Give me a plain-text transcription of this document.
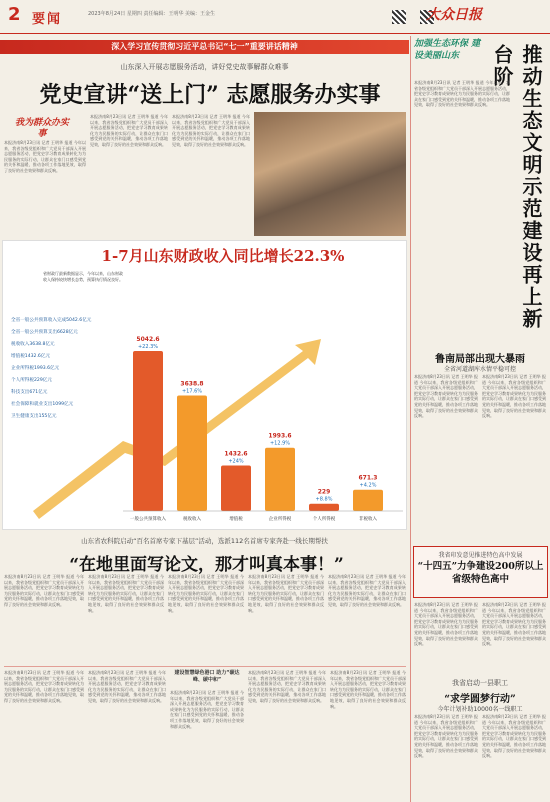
2 要闻	2023年8月24日 星期四 责任编辑：王明华 美编：王金生	大众日报
深入学习宣传贯彻习近平总书记“七一”重要讲话精神
山东深入开展志愿服务活动，讲好党史故事解群众难事
党史宣讲“送上门” 志愿服务办实事
我为群众办实事
本报济南8月23日讯 记者 王明华 报道 今年以来，我省各级党组织和广大党员干部深入开展志愿服务活动，把党史学习教育成果转化为为民服务的实际行动，让群众在家门口感受到党的关怀和温暖，推动各项工作落地见效，取得了良好的社会效果和群众反响。
本报济南8月23日讯 记者 王明华 报道 今年以来，我省各级党组织和广大党员干部深入开展志愿服务活动，把党史学习教育成果转化为为民服务的实际行动，让群众在家门口感受到党的关怀和温暖，推动各项工作落地见效，取得了良好的社会效果和群众反响。
本报济南8月23日讯 记者 王明华 报道 今年以来，我省各级党组织和广大党员干部深入开展志愿服务活动，把党史学习教育成果转化为为民服务的实际行动，让群众在家门口感受到党的关怀和温暖，推动各项工作落地见效，取得了良好的社会效果和群众反响。
1-7月山东财政收入同比增长22.3%
省财政厅最新数据显示，今年以来，山东财政收入保持较快增长态势，预算执行情况良好。
5042.6
+22.3%
一般公共预算收入
3638.8
+17.6%
税收收入
1432.6
+24%
增值税
1993.6
+12.9%
企业所得税
229
+8.8%
个人所得税
671.3
+4.2%
非税收入
全省一般公共预算收入完成5042.6亿元
全省一般公共预算支出6628亿元
税收收入3638.8亿元
增值税1432.6亿元
企业所得税1993.6亿元
个人所得税229亿元
科技支出671亿元
社会保障和就业支出1099亿元
卫生健康支出155亿元
山东省农科院启动“百名首席专家下基层”活动，选派112名首席专家奔赴一线长期帮扶
“在地里面写论文，那才叫真本事！”
本报济南8月23日讯 记者 王明华 报道 今年以来，我省各级党组织和广大党员干部深入开展志愿服务活动，把党史学习教育成果转化为为民服务的实际行动，让群众在家门口感受到党的关怀和温暖，推动各项工作落地见效，取得了良好的社会效果和群众反响。
本报济南8月23日讯 记者 王明华 报道 今年以来，我省各级党组织和广大党员干部深入开展志愿服务活动，把党史学习教育成果转化为为民服务的实际行动，让群众在家门口感受到党的关怀和温暖，推动各项工作落地见效，取得了良好的社会效果和群众反响。
本报济南8月23日讯 记者 王明华 报道 今年以来，我省各级党组织和广大党员干部深入开展志愿服务活动，把党史学习教育成果转化为为民服务的实际行动，让群众在家门口感受到党的关怀和温暖，推动各项工作落地见效，取得了良好的社会效果和群众反响。
本报济南8月23日讯 记者 王明华 报道 今年以来，我省各级党组织和广大党员干部深入开展志愿服务活动，把党史学习教育成果转化为为民服务的实际行动，让群众在家门口感受到党的关怀和温暖，推动各项工作落地见效，取得了良好的社会效果和群众反响。
本报济南8月23日讯 记者 王明华 报道 今年以来，我省各级党组织和广大党员干部深入开展志愿服务活动，把党史学习教育成果转化为为民服务的实际行动，让群众在家门口感受到党的关怀和温暖，推动各项工作落地见效，取得了良好的社会效果和群众反响。
本报济南8月23日讯 记者 王明华 报道 今年以来，我省各级党组织和广大党员干部深入开展志愿服务活动，把党史学习教育成果转化为为民服务的实际行动，让群众在家门口感受到党的关怀和温暖，推动各项工作落地见效，取得了良好的社会效果和群众反响。
本报济南8月23日讯 记者 王明华 报道 今年以来，我省各级党组织和广大党员干部深入开展志愿服务活动，把党史学习教育成果转化为为民服务的实际行动，让群众在家门口感受到党的关怀和温暖，推动各项工作落地见效，取得了良好的社会效果和群众反响。
建设智慧绿色港口 助力“碳达峰、碳中和”
本报济南8月23日讯 记者 王明华 报道 今年以来，我省各级党组织和广大党员干部深入开展志愿服务活动，把党史学习教育成果转化为为民服务的实际行动，让群众在家门口感受到党的关怀和温暖，推动各项工作落地见效，取得了良好的社会效果和群众反响。
本报济南8月23日讯 记者 王明华 报道 今年以来，我省各级党组织和广大党员干部深入开展志愿服务活动，把党史学习教育成果转化为为民服务的实际行动，让群众在家门口感受到党的关怀和温暖，推动各项工作落地见效，取得了良好的社会效果和群众反响。
本报济南8月23日讯 记者 王明华 报道 今年以来，我省各级党组织和广大党员干部深入开展志愿服务活动，把党史学习教育成果转化为为民服务的实际行动，让群众在家门口感受到党的关怀和温暖，推动各项工作落地见效，取得了良好的社会效果和群众反响。
加强生态环保 建设美丽山东	推动生态文明示范建设再上新台阶
本报济南8月23日讯 记者 王明华 报道 今年以来，我省各级党组织和广大党员干部深入开展志愿服务活动，把党史学习教育成果转化为为民服务的实际行动，让群众在家门口感受到党的关怀和温暖，推动各项工作落地见效，取得了良好的社会效果和群众反响。
鲁南局部出现大暴雨
全省河道湖库水情平稳可控
本报济南8月23日讯 记者 王明华 报道 今年以来，我省各级党组织和广大党员干部深入开展志愿服务活动，把党史学习教育成果转化为为民服务的实际行动，让群众在家门口感受到党的关怀和温暖，推动各项工作落地见效，取得了良好的社会效果和群众反响。
本报济南8月23日讯 记者 王明华 报道 今年以来，我省各级党组织和广大党员干部深入开展志愿服务活动，把党史学习教育成果转化为为民服务的实际行动，让群众在家门口感受到党的关怀和温暖，推动各项工作落地见效，取得了良好的社会效果和群众反响。
我省印发意见推进特色高中发展
“十四五”力争建设200所以上省级特色高中
本报济南8月23日讯 记者 王明华 报道 今年以来，我省各级党组织和广大党员干部深入开展志愿服务活动，把党史学习教育成果转化为为民服务的实际行动，让群众在家门口感受到党的关怀和温暖，推动各项工作落地见效，取得了良好的社会效果和群众反响。
本报济南8月23日讯 记者 王明华 报道 今年以来，我省各级党组织和广大党员干部深入开展志愿服务活动，把党史学习教育成果转化为为民服务的实际行动，让群众在家门口感受到党的关怀和温暖，推动各项工作落地见效，取得了良好的社会效果和群众反响。
我省启动一县职工
“求学圆梦行动”
今年计划补助10000名一线职工
本报济南8月23日讯 记者 王明华 报道 今年以来，我省各级党组织和广大党员干部深入开展志愿服务活动，把党史学习教育成果转化为为民服务的实际行动，让群众在家门口感受到党的关怀和温暖，推动各项工作落地见效，取得了良好的社会效果和群众反响。
本报济南8月23日讯 记者 王明华 报道 今年以来，我省各级党组织和广大党员干部深入开展志愿服务活动，把党史学习教育成果转化为为民服务的实际行动，让群众在家门口感受到党的关怀和温暖，推动各项工作落地见效，取得了良好的社会效果和群众反响。
